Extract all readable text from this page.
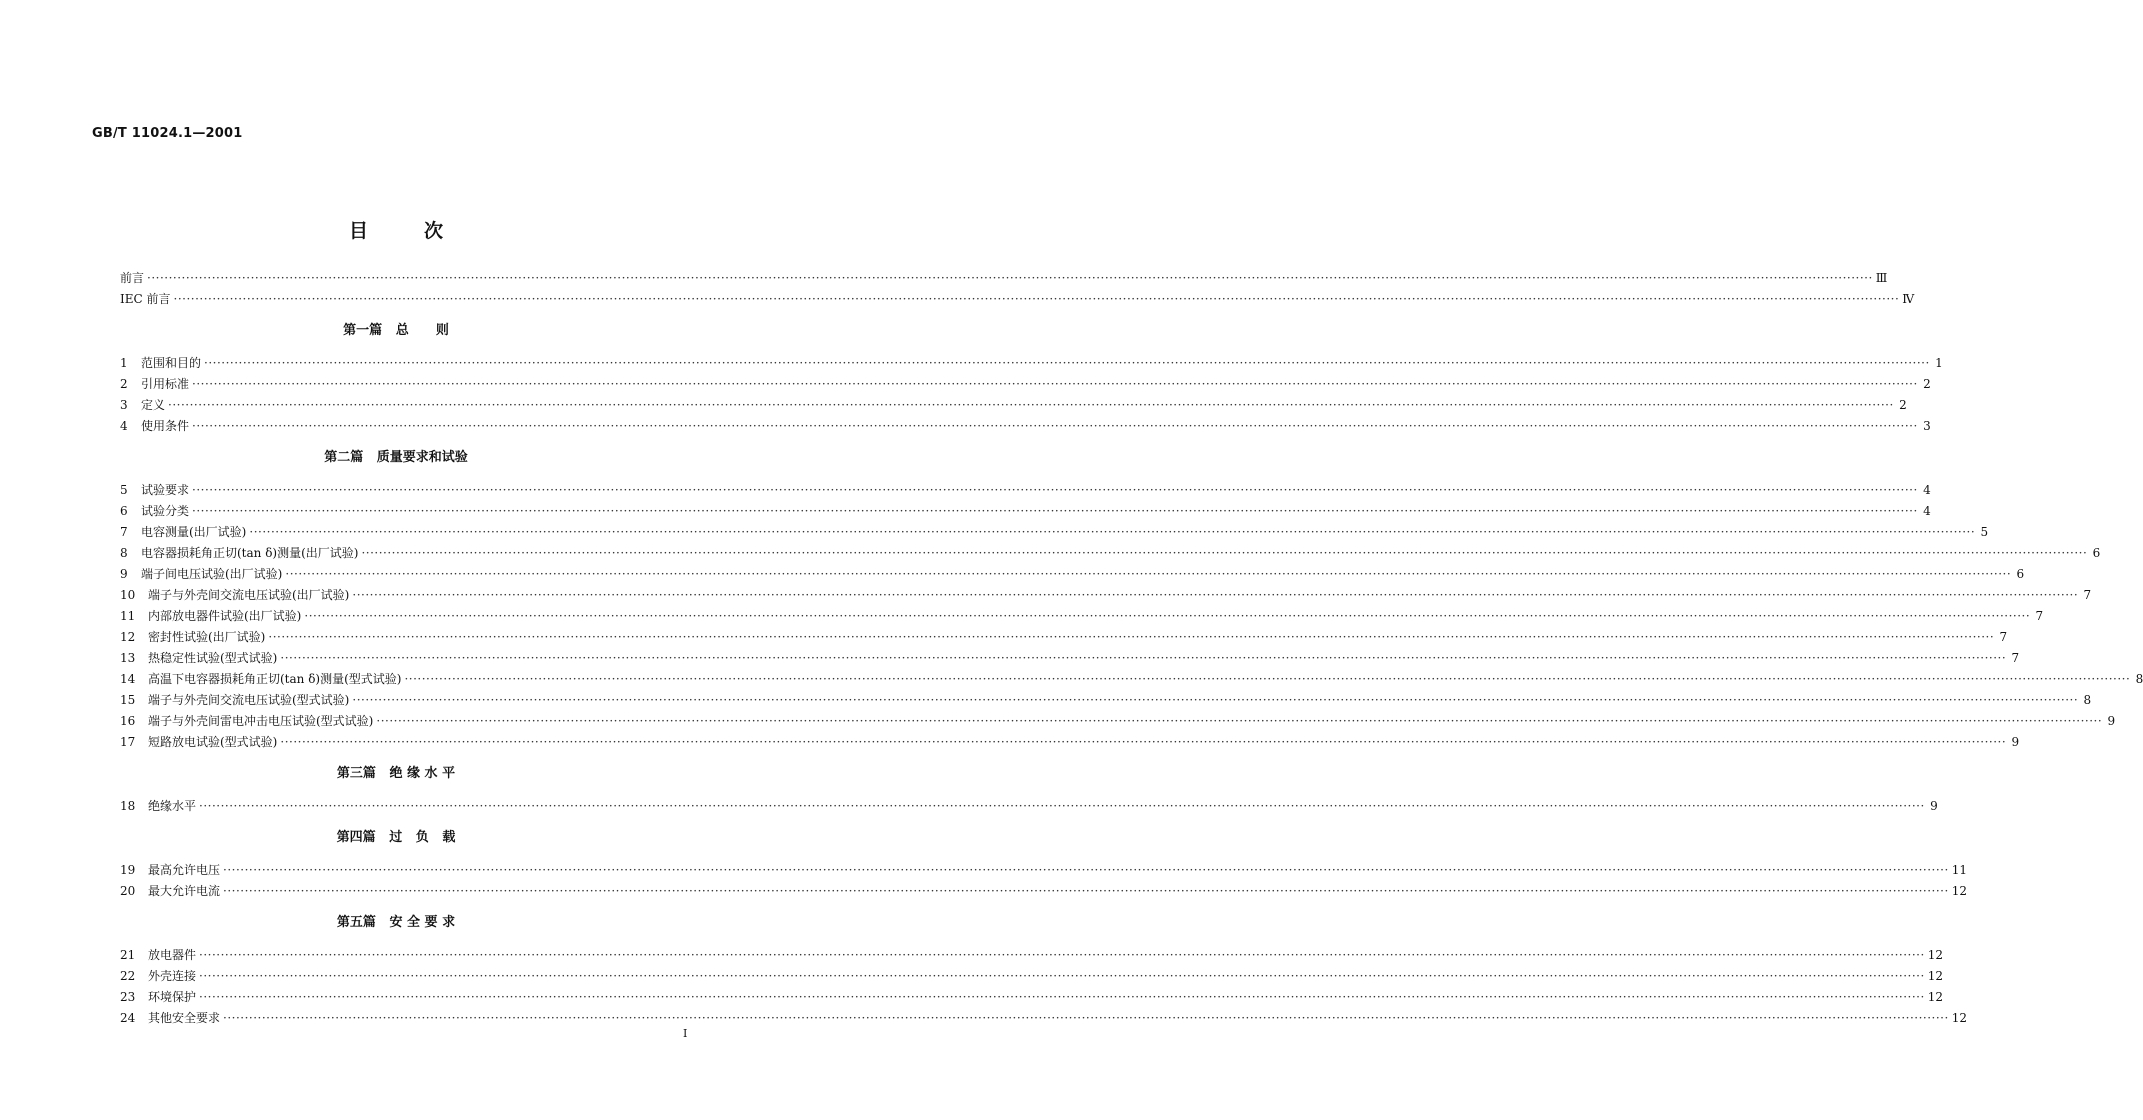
GB/T 11024.1—2001
目次
前言 ················································································································································································································································································································································································································ Ⅲ
IEC 前言 ················································································································································································································································································································································································································ Ⅳ
第一篇   总      则
1 范围和目的 ················································································································································································································································································································································································································ 1
2 引用标准 ················································································································································································································································································································································································································ 2
3 定义 ················································································································································································································································································································································································································ 2
4 使用条件 ················································································································································································································································································································································································································ 3
第二篇   质量要求和试验
5 试验要求 ················································································································································································································································································································································································································ 4
6 试验分类 ················································································································································································································································································································································································································ 4
7 电容测量(出厂试验) ················································································································································································································································································································································································································ 5
8 电容器损耗角正切(tan δ)测量(出厂试验) ················································································································································································································································································································································································································ 6
9 端子间电压试验(出厂试验) ················································································································································································································································································································································································································ 6
10 端子与外壳间交流电压试验(出厂试验) ················································································································································································································································································································································································································ 7
11 内部放电器件试验(出厂试验) ················································································································································································································································································································································································································ 7
12 密封性试验(出厂试验) ················································································································································································································································································································································································································ 7
13 热稳定性试验(型式试验) ················································································································································································································································································································································································································ 7
14 高温下电容器损耗角正切(tan δ)测量(型式试验) ················································································································································································································································································································································································································ 8
15 端子与外壳间交流电压试验(型式试验) ················································································································································································································································································································································································································ 8
16 端子与外壳间雷电冲击电压试验(型式试验) ················································································································································································································································································································································································································ 9
17 短路放电试验(型式试验) ················································································································································································································································································································································································································ 9
第三篇   绝 缘 水 平
18 绝缘水平 ················································································································································································································································································································································································································ 9
第四篇   过   负   载
19 最高允许电压 ················································································································································································································································································································································································································ 11
20 最大允许电流 ················································································································································································································································································································································································································ 12
第五篇   安 全 要 求
21 放电器件 ················································································································································································································································································································································································································ 12
22 外壳连接 ················································································································································································································································································································································································································ 12
23 环境保护 ················································································································································································································································································································································································································ 12
24 其他安全要求 ················································································································································································································································································································································································································ 12
Ⅰ
